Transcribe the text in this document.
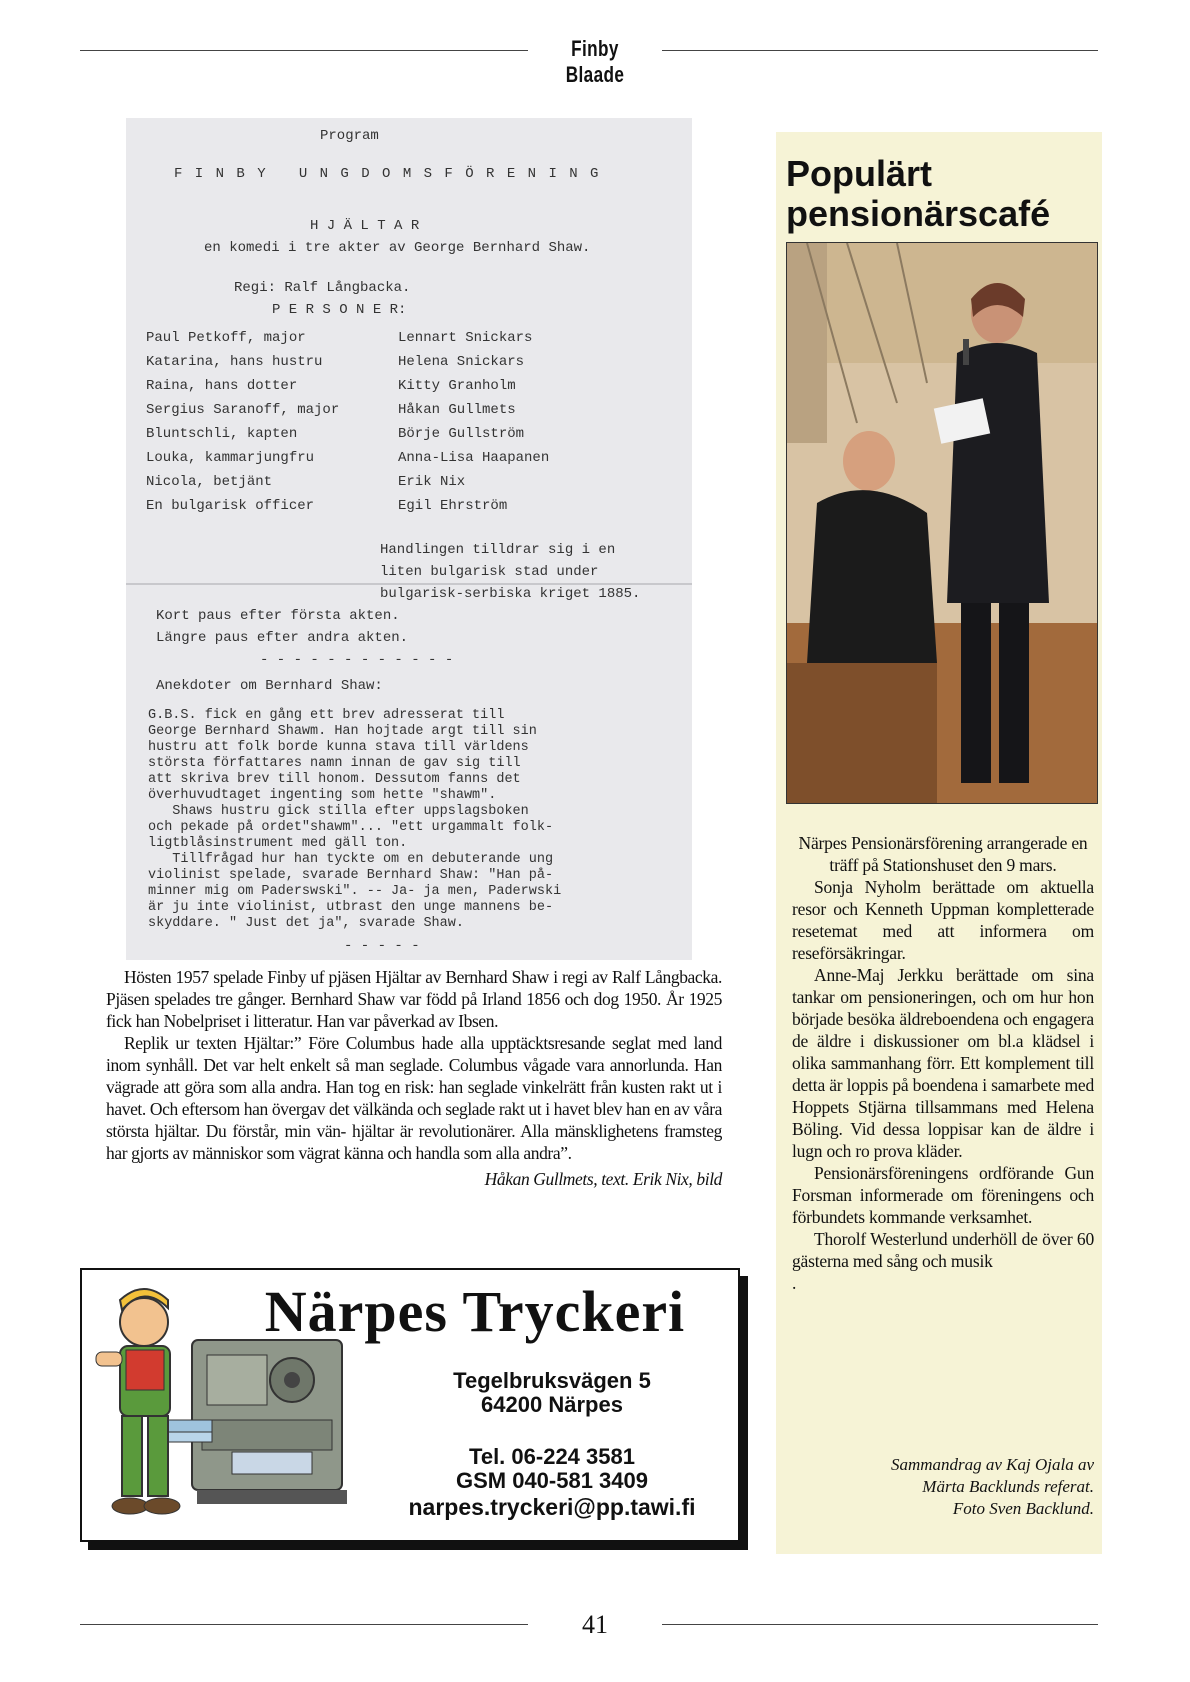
Finby Blaade
Program
F I N B Y   U N G D O M S F Ö R E N I N G
H J Ä L T A R
en komedi i tre akter av George Bernhard Shaw.
Regi: Ralf Långbacka.
P E R S O N E R:
Paul Petkoff, major	Lennart Snickars
Katarina, hans hustru	Helena Snickars
Raina, hans dotter	Kitty Granholm
Sergius Saranoff, major	Håkan Gullmets
Bluntschli, kapten	Börje Gullström
Louka, kammarjungfru	Anna-Lisa Haapanen
Nicola, betjänt	Erik Nix
En bulgarisk officer	Egil Ehrström
Handlingen tilldrar sig i en
liten bulgarisk stad under
bulgarisk-serbiska kriget 1885.
Kort paus efter första akten.
Längre paus efter andra akten.
- - - - - - - - - - - -
Anekdoter om Bernhard Shaw:
G.B.S. fick en gång ett brev adresserat till
George Bernhard Shawm. Han hojtade argt till sin
hustru att folk borde kunna stava till världens
största författares namn innan de gav sig till
att skriva brev till honom. Dessutom fanns det
överhuvudtaget ingenting som hette "shawm".
Shaws hustru gick stilla efter uppslagsboken
och pekade på ordet"shawm"... "ett urgammalt folk-
ligtblåsinstrument med gäll ton.
Tillfrågad hur han tyckte om en debuterande ung
violinist spelade, svarade Bernhard Shaw: "Han på-
minner mig om Paderswski". -- Ja- ja men, Paderwski
är ju inte violinist, utbrast den unge mannens be-
skyddare. " Just det ja", svarade Shaw.
- - - - -

Hösten 1957 spelade Finby uf pjäsen Hjältar av Bernhard Shaw i regi av Ralf Långbacka. Pjäsen spelades tre gånger. Bernhard Shaw var född på Irland 1856 och dog 1950. År 1925 fick han Nobelpriset i litteratur. Han var påverkad av Ibsen.

Replik ur texten Hjältar:” Före Columbus hade alla upptäcktsresande seglat med land inom synhåll. Det var helt enkelt så man seglade. Columbus vågade vara annorlunda. Han vägrade att göra som alla andra. Han tog en risk: han seglade vinkelrätt från kusten rakt ut i havet. Och eftersom han övergav det välkända och seglade rakt ut i havet blev han en av våra största hjältar. Du förstår, min vän- hjältar är revolutionärer. Alla mänsklighetens framsteg har gjorts av människor som vägrat känna och handla som alla andra”.

Håkan Gullmets, text. Erik Nix, bild

Närpes Tryckeri
Tegelbruksvägen 5
64200 Närpes
Tel. 06-224 3581
GSM 040-581 3409
narpes.tryckeri@pp.tawi.fi
Populärt pensionärscafé

Närpes Pensionärsförening arrangerade en träff på Stationshuset den 9 mars.

Sonja Nyholm berättade om aktuella resor och Kenneth Uppman kompletterade resetemat med att informera om reseförsäkringar.

Anne-Maj Jerkku berättade om sina tankar om pensioneringen, och om hur hon började besöka äldreboendena och engagera de äldre i diskussioner om bl.a klädsel i olika sammanhang förr. Ett komplement till detta är loppis på boendena i samarbete med Hoppets Stjärna tillsammans med Helena Böling. Vid dessa loppisar kan de äldre i lugn och ro prova kläder.

Pensionärsföreningens ordförande Gun Forsman informerade om föreningens och förbundets kommande verksamhet.

Thorolf Westerlund underhöll de över 60 gästerna med sång och musik

.

Sammandrag av Kaj Ojala av
Märta Backlunds referat.
Foto Sven Backlund.
41
